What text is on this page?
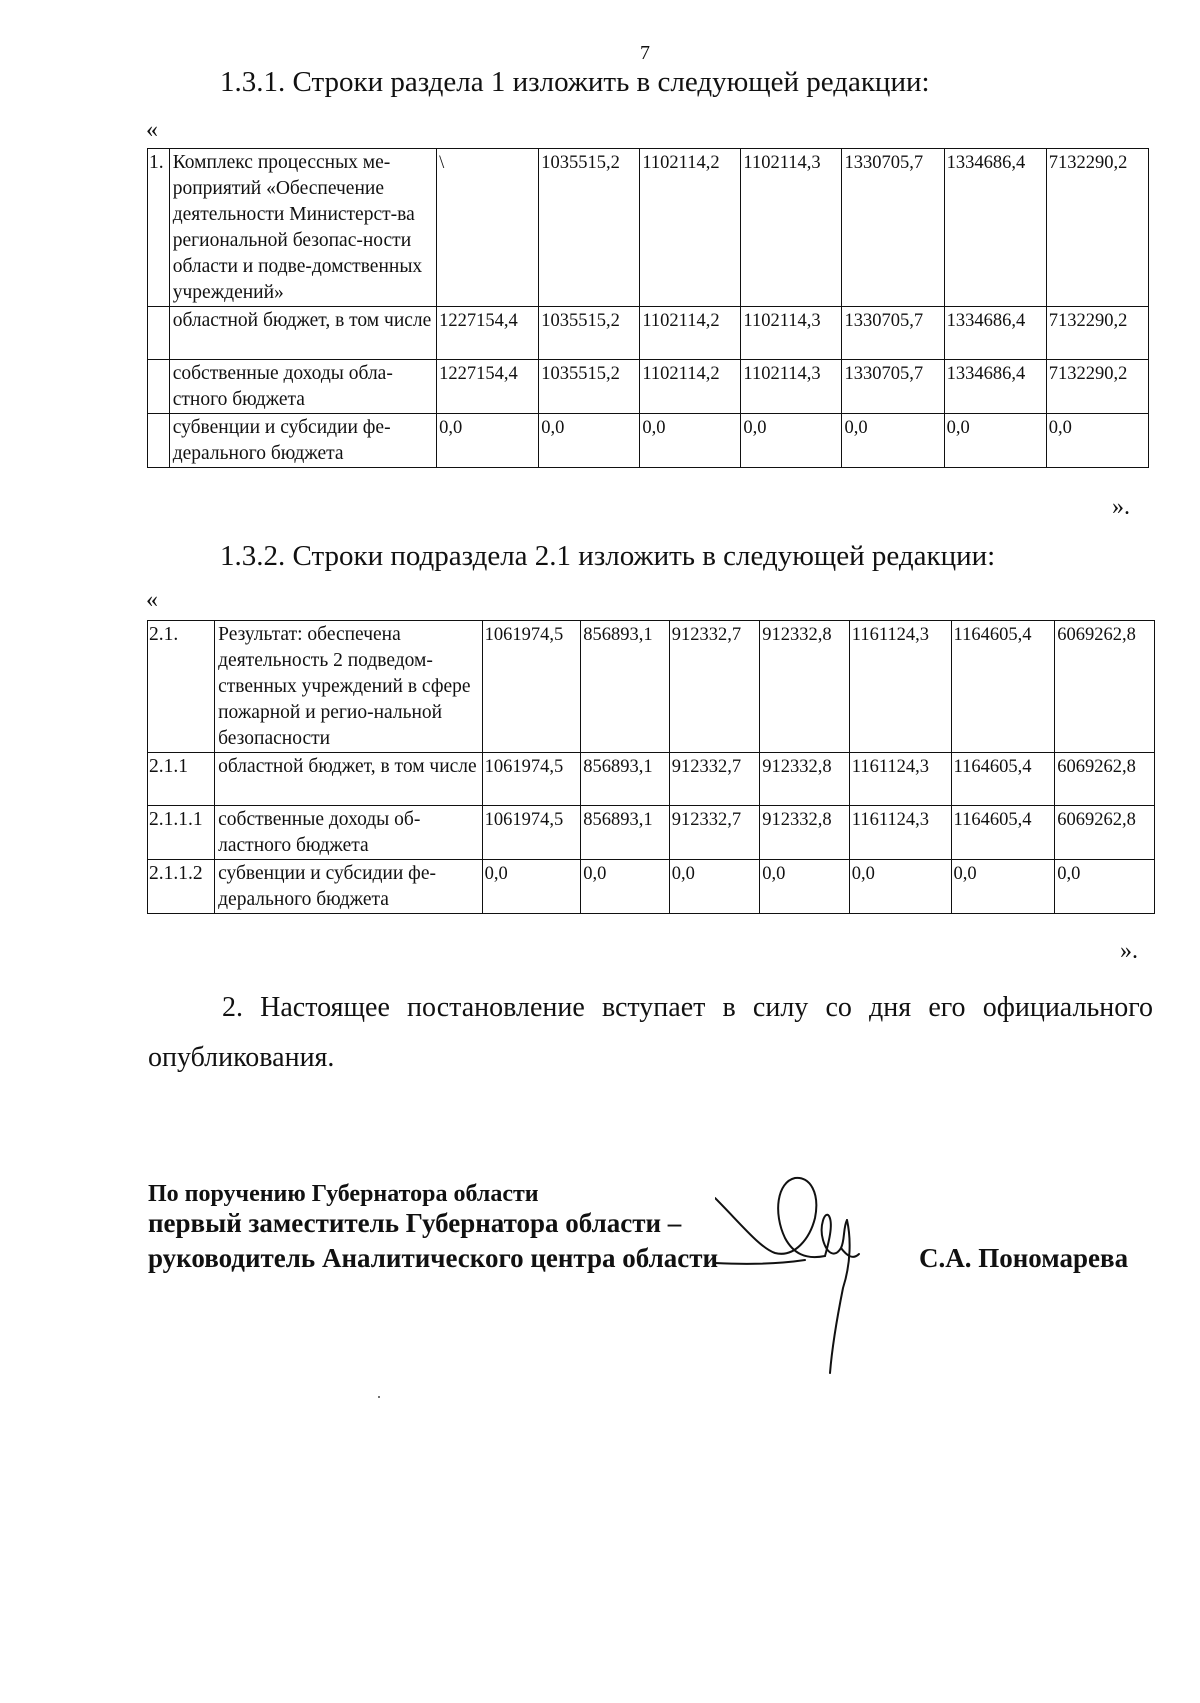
7
1.3.1. Строки раздела 1 изложить в следующей редакции:
«
1.	Комплекс процессных ме-роприятий «Обеспечение деятельности Министерст-ва региональной безопас-ности области и подве-домственных учреждений»	\	1035515,2	1102114,2	1102114,3	1330705,7	1334686,4	7132290,2
	областной бюджет, в том числе	1227154,4	1035515,2	1102114,2	1102114,3	1330705,7	1334686,4	7132290,2
	собственные доходы обла-стного бюджета	1227154,4	1035515,2	1102114,2	1102114,3	1330705,7	1334686,4	7132290,2
	субвенции и субсидии фе-дерального бюджета	0,0	0,0	0,0	0,0	0,0	0,0	0,0
».
1.3.2. Строки подраздела 2.1 изложить в следующей редакции:
«
2.1.	Результат: обеспечена деятельность 2 подведом-ственных учреждений в сфере пожарной и регио-нальной безопасности	1061974,5	856893,1	912332,7	912332,8	1161124,3	1164605,4	6069262,8
2.1.1	областной бюджет, в том числе	1061974,5	856893,1	912332,7	912332,8	1161124,3	1164605,4	6069262,8
2.1.1.1	собственные доходы об-ластного бюджета	1061974,5	856893,1	912332,7	912332,8	1161124,3	1164605,4	6069262,8
2.1.1.2	субвенции и субсидии фе-дерального бюджета	0,0	0,0	0,0	0,0	0,0	0,0	0,0
».
2. Настоящее постановление вступает в силу со дня его официального
опубликования.
По поручению Губернатора области
первый заместитель Губернатора области –
руководитель Аналитического центра области	С.А. Пономарева
